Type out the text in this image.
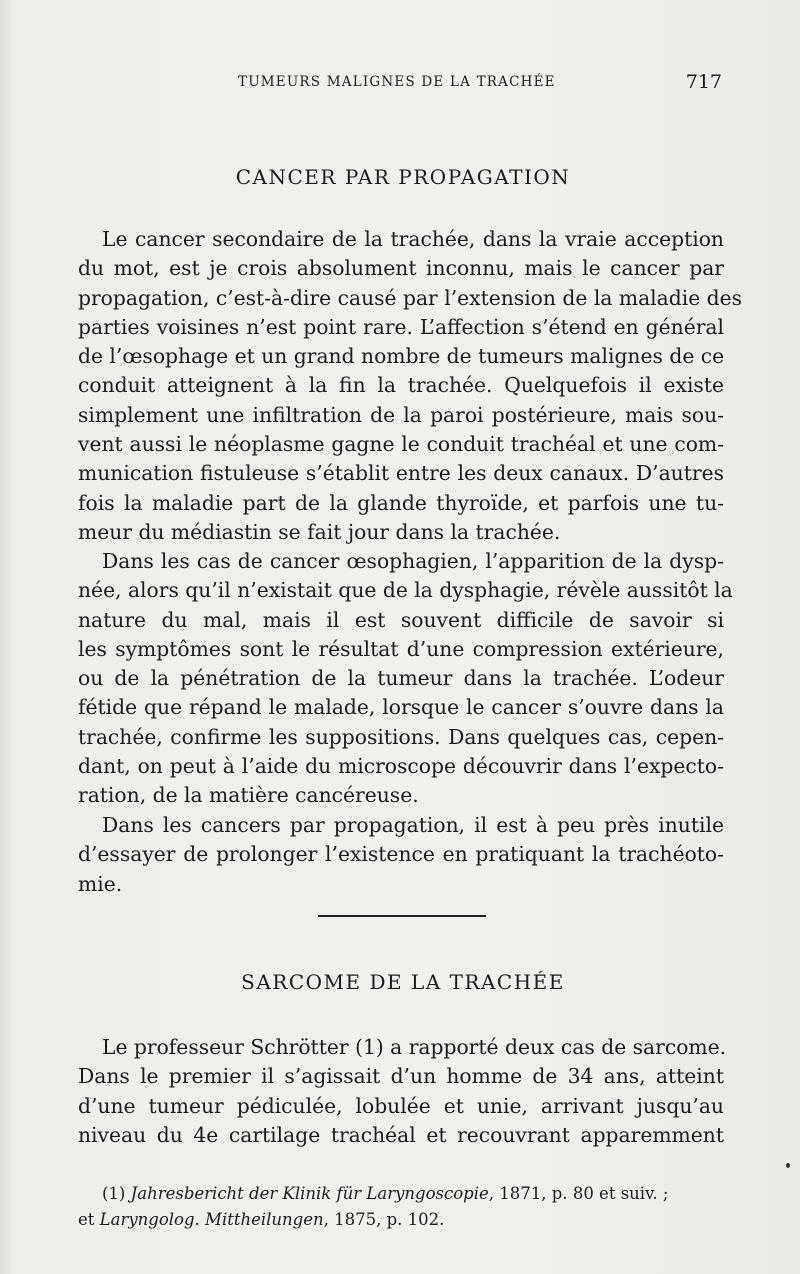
TUMEURS MALIGNES DE LA TRACHÉE	717
CANCER PAR PROPAGATION
Le cancer secondaire de la trachée, dans la vraie acception
du mot, est je crois absolument inconnu, mais le cancer par
propagation, c’est-à-dire causé par l’extension de la maladie des
parties voisines n’est point rare. L’affection s’étend en général
de l’œsophage et un grand nombre de tumeurs malignes de ce
conduit atteignent à la fin la trachée. Quelquefois il existe
simplement une infiltration de la paroi postérieure, mais sou-
vent aussi le néoplasme gagne le conduit trachéal et une com-
munication fistuleuse s’établit entre les deux canaux. D’autres
fois la maladie part de la glande thyroïde, et parfois une tu-
meur du médiastin se fait jour dans la trachée.
Dans les cas de cancer œsophagien, l’apparition de la dysp-
née, alors qu’il n’existait que de la dysphagie, révèle aussitôt la
nature du mal, mais il est souvent difficile de savoir si
les symptômes sont le résultat d’une compression extérieure,
ou de la pénétration de la tumeur dans la trachée. L’odeur
fétide que répand le malade, lorsque le cancer s’ouvre dans la
trachée, confirme les suppositions. Dans quelques cas, cepen-
dant, on peut à l’aide du microscope découvrir dans l’expecto-
ration, de la matière cancéreuse.
Dans les cancers par propagation, il est à peu près inutile
d’essayer de prolonger l’existence en pratiquant la trachéoto-
mie.
SARCOME DE LA TRACHÉE
Le professeur Schrötter (1) a rapporté deux cas de sarcome.
Dans le premier il s’agissait d’un homme de 34 ans, atteint
d’une tumeur pédiculée, lobulée et unie, arrivant jusqu’au
niveau du 4e cartilage trachéal et recouvrant apparemment
(1) Jahresbericht der Klinik für Laryngoscopie, 1871, p. 80 et suiv. ;
et Laryngolog. Mittheilungen, 1875, p. 102.
